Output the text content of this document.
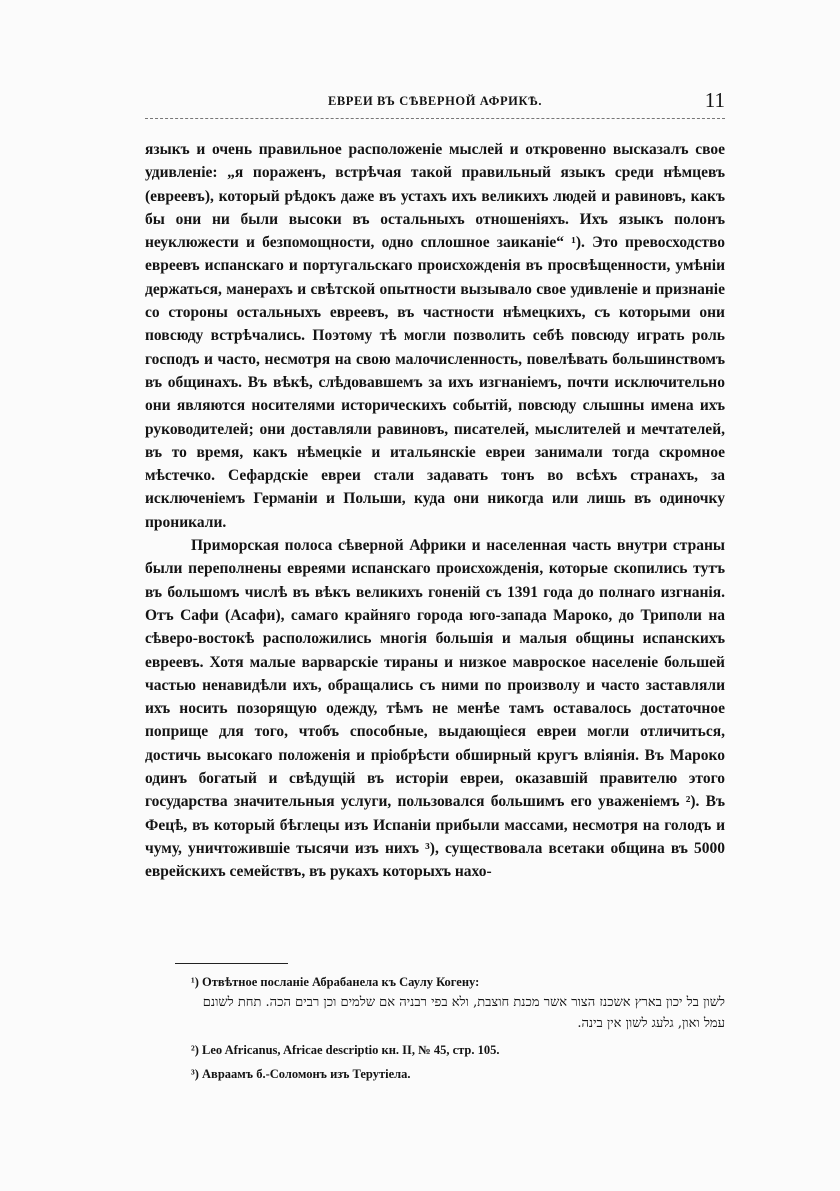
ЕВРЕИ ВЪ СѢВЕРНОЙ АФРИКѢ.	11

языкъ и очень правильное расположеніе мыслей и откровенно высказалъ свое удивленіе: „я пораженъ, встрѣчая такой правильный языкъ среди нѣмцевъ (евреевъ), который рѣдокъ даже въ устахъ ихъ великихъ людей и равиновъ, какъ бы они ни были высоки въ остальныхъ отношеніяхъ. Ихъ языкъ полонъ неуклюжести и безпомощности, одно сплошное заиканіе“ ¹). Это превосходство евреевъ испанскаго и португальскаго происхожденія въ просвѣщенности, умѣніи держаться, манерахъ и свѣтской опытности вызывало свое удивленіе и признаніе со стороны остальныхъ евреевъ, въ частности нѣмецкихъ, съ которыми они повсюду встрѣчались. Поэтому тѣ могли позволить себѣ повсюду играть роль господъ и часто, несмотря на свою малочисленность, повелѣвать большинствомъ въ общинахъ. Въ вѣкѣ, слѣдовавшемъ за ихъ изгнаніемъ, почти исключительно они являются носителями историческихъ событій, повсюду слышны имена ихъ руководителей; они доставляли равиновъ, писателей, мыслителей и мечтателей, въ то время, какъ нѣмецкіе и итальянскіе евреи занимали тогда скромное мѣстечко. Сефардскіе евреи стали задавать тонъ во всѣхъ странахъ, за исключеніемъ Германіи и Польши, куда они никогда или лишь въ одиночку проникали.

Приморская полоса сѣверной Африки и населенная часть внутри страны были переполнены евреями испанскаго происхожденія, которые скопились тутъ въ большомъ числѣ въ вѣкъ великихъ гоненій съ 1391 года до полнаго изгнанія. Отъ Сафи (Асафи), самаго крайняго города юго-запада Мароко, до Триполи на сѣверо-востокѣ расположились многія большія и малыя общины испанскихъ евреевъ. Хотя малые варварскіе тираны и низкое мавроское населеніе большей частью ненавидѣли ихъ, обращались съ ними по произволу и часто заставляли ихъ носить позорящую одежду, тѣмъ не менѣе тамъ оставалось достаточное поприще для того, чтобъ способные, выдающіеся евреи могли отличиться, достичь высокаго положенія и пріобрѣсти обширный кругъ вліянія. Въ Мароко одинъ богатый и свѣдущій въ исторіи евреи, оказавшій правителю этого государства значительныя услуги, пользовался большимъ его уваженіемъ ²). Въ Фецѣ, въ который бѣглецы изъ Испаніи прибыли массами, несмотря на голодъ и чуму, уничтожившіе тысячи изъ нихъ ³), существовала всетаки община въ 5000 еврейскихъ семействъ, въ рукахъ которыхъ нахо-

¹) Отвѣтное посланіе Абрабанела къ Саулу Когену:
לשון בל יכון בארץ אשכנז הצור אשר מכנת חוצבת, ולא בפי רבניה אם שלמים וכן רבים הכה. תחת לשונם עמל ואון, גלעג לשון אין בינה.

²) Leo Africanus, Africae descriptio кн. II, № 45, стр. 105.

³) Авраамъ б.-Соломонъ изъ Терутіела.
